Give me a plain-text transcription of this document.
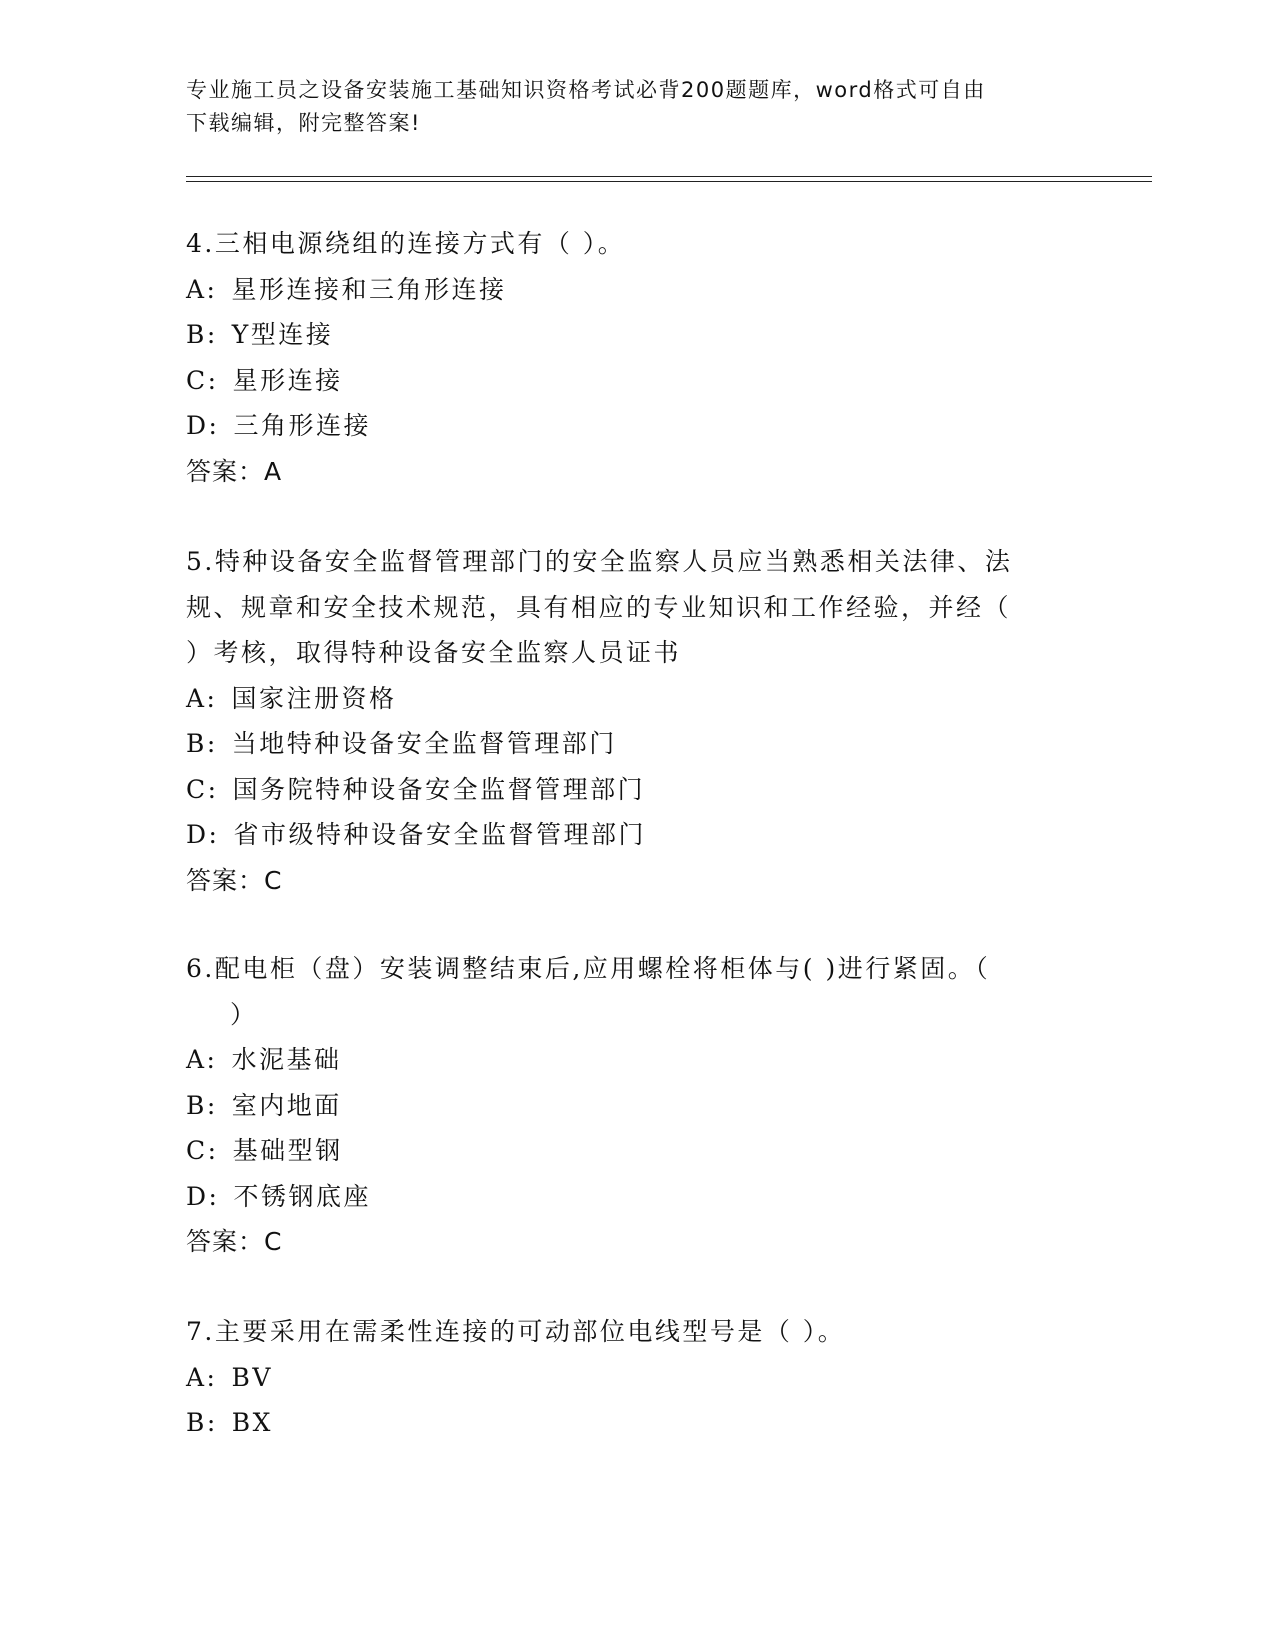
专业施工员之设备安装施工基础知识资格考试必背200题题库，word格式可自由
下载编辑，附完整答案!

4.三相电源绕组的连接方式有（ ）。
A: 星形连接和三角形连接
B: Y型连接
C: 星形连接
D: 三角形连接
答案：A
5.特种设备安全监督管理部门的安全监察人员应当熟悉相关法律、法
规、规章和安全技术规范，具有相应的专业知识和工作经验，并经（
）考核，取得特种设备安全监察人员证书
A: 国家注册资格
B: 当地特种设备安全监督管理部门
C: 国务院特种设备安全监督管理部门
D: 省市级特种设备安全监督管理部门
答案：C
6.配电柜（盘）安装调整结束后,应用螺栓将柜体与( )进行紧固。（
）
A: 水泥基础
B: 室内地面
C: 基础型钢
D: 不锈钢底座
答案：C
7.主要采用在需柔性连接的可动部位电线型号是（ ）。
A: BV
B: BX
